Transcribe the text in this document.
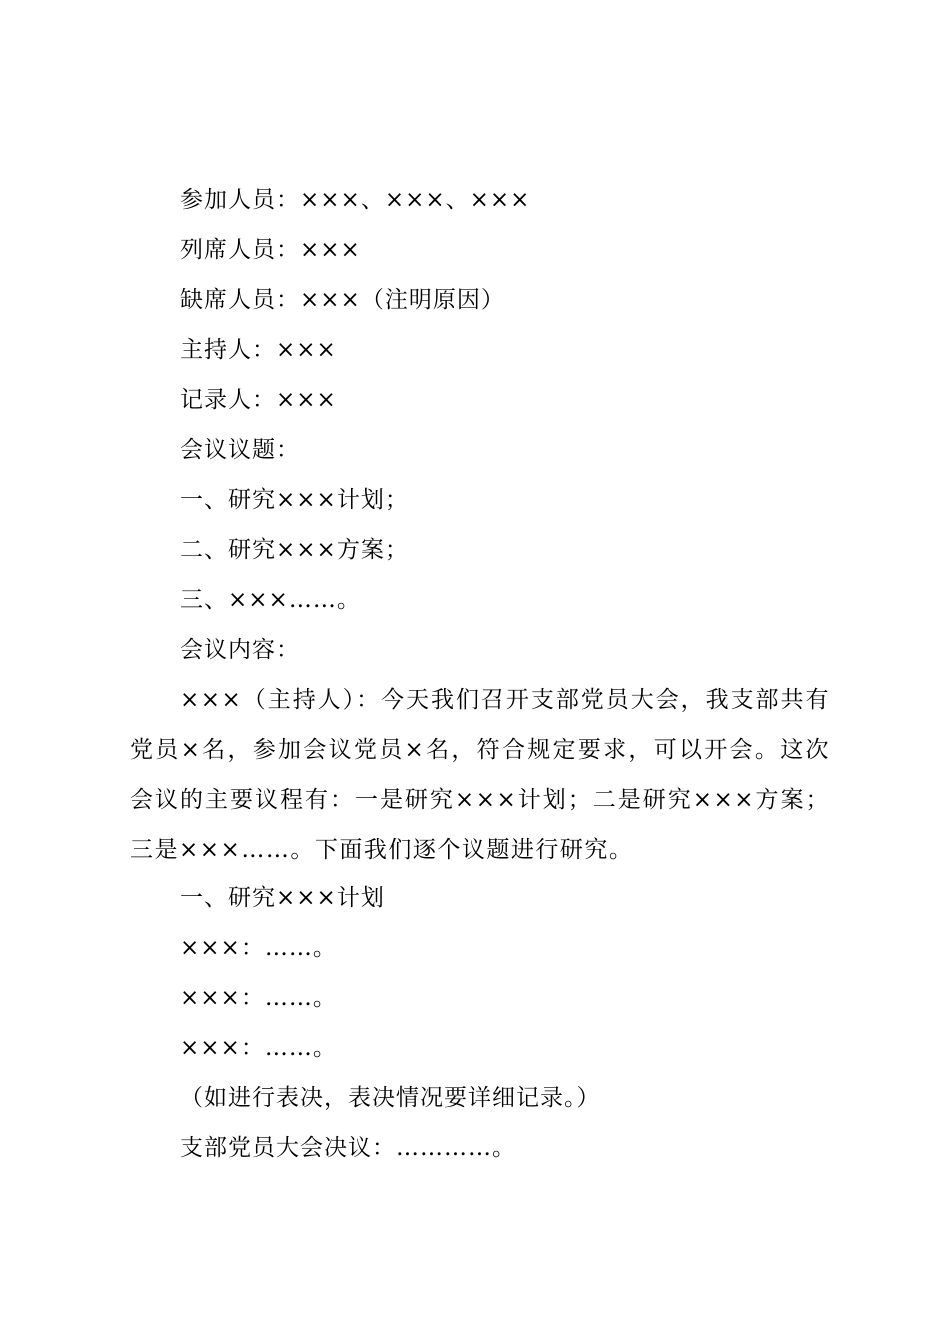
参加人员：×××、×××、×××
列席人员：×××
缺席人员：×××（注明原因）
主持人：×××
记录人：×××
会议议题：
一、研究×××计划；
二、研究×××方案；
三、×××……。
会议内容：
×××（主持人）：今天我们召开支部党员大会，我支部共有党员×名，参加会议党员×名，符合规定要求，可以开会。这次会议的主要议程有：一是研究×××计划；二是研究×××方案；三是×××……。下面我们逐个议题进行研究。
一、研究×××计划
×××：……。
×××：……。
×××：……。
（如进行表决，表决情况要详细记录。）
支部党员大会决议：…………。
